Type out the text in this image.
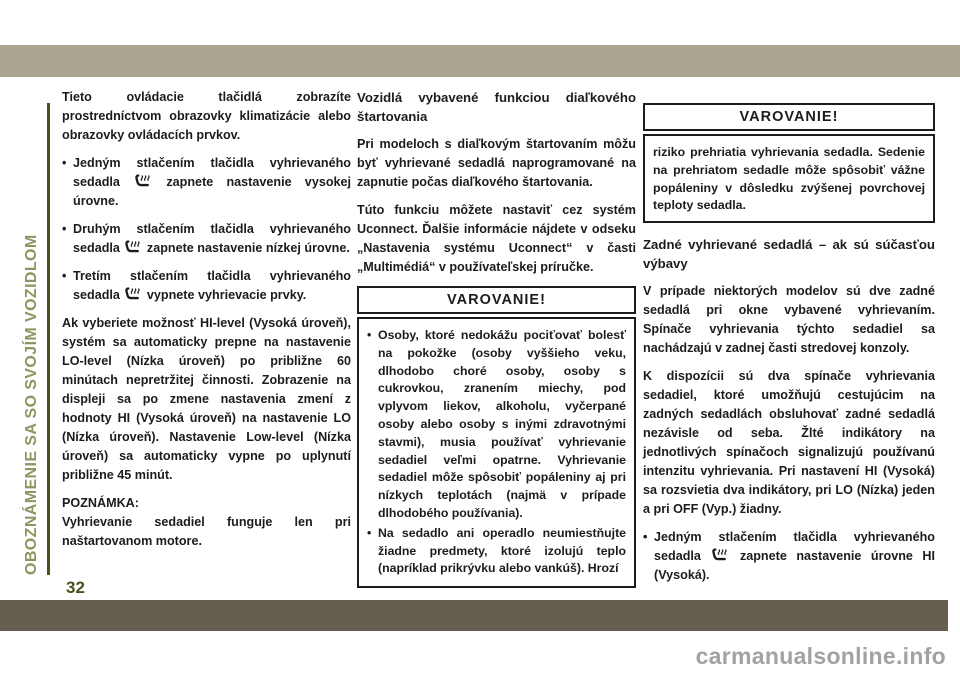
OBOZNÁMENIE SA SO SVOJÍM VOZIDLOM
32

Tieto ovládacie tlačidlá zobrazíte prostredníctvom obrazovky klimatizácie alebo obrazovky ovládacích prvkov.

•
Jedným stlačením tlačidla vyhrievaného sedadla	zapnete nastavenie vysokej úrovne.
•
Druhým stlačením tlačidla vyhrievaného sedadla zapnete nastavenie nízkej úrovne.
•
Tretím stlačením tlačidla vyhrievaného sedadla vypnete vyhrievacie prvky.

Ak vyberiete možnosť HI-level (Vysoká úroveň), systém sa automaticky prepne na nastavenie LO-level (Nízka úroveň) po približne 60 minútach nepretržitej činnosti. Zobrazenie na displeji sa po zmene nastavenia zmení z hodnoty HI (Vysoká úroveň) na nastavenie LO (Nízka úroveň). Nastavenie Low-level (Nízka úroveň) sa automaticky vypne po uplynutí približne 45 minút.

POZNÁMKA:

Vyhrievanie sedadiel funguje len pri naštartovanom motore.

Vozidlá vybavené funkciou diaľkového štartovania

Pri modeloch s diaľkovým štartovaním môžu byť vyhrievané sedadlá naprogramované na zapnutie počas diaľkového štartovania.

Túto funkciu môžete nastaviť cez systém Uconnect. Ďalšie informácie nájdete v odseku „Nastavenia systému Uconnect“ v časti „Multimédiá“ v používateľskej príručke.

VAROVANIE!
•
Osoby, ktoré nedokážu pociťovať bolesť na pokožke (osoby vyššieho veku, dlhodobo choré osoby, osoby s cukrovkou, zranením miechy, pod vplyvom liekov, alkoholu, vyčerpané osoby alebo osoby s inými zdravotnými stavmi), musia používať vyhrievanie sedadiel veľmi opatrne. Vyhrievanie sedadiel môže spôsobiť popáleniny aj pri nízkych teplotách (najmä v prípade dlhodobého používania).
•
Na sedadlo ani operadlo neumiestňujte žiadne predmety, ktoré izolujú teplo (napríklad prikrývku alebo vankúš). Hrozí
VAROVANIE!

riziko prehriatia vyhrievania sedadla. Sedenie na prehriatom sedadle môže spôsobiť vážne popáleniny v dôsledku zvýšenej povrchovej teploty sedadla.

Zadné vyhrievané sedadlá – ak sú súčasťou výbavy

V prípade niektorých modelov sú dve zadné sedadlá pri okne vybavené vyhrievaním. Spínače vyhrievania týchto sedadiel sa nachádzajú v zadnej časti stredovej konzoly.

K dispozícii sú dva spínače vyhrievania sedadiel, ktoré umožňujú cestujúcim na zadných sedadlách obsluhovať zadné sedadlá nezávisle od seba. Žlté indikátory na jednotlivých spínačoch signalizujú používanú intenzitu vyhrievania. Pri nastavení HI (Vysoká) sa rozsvietia dva indikátory, pri LO (Nízka) jeden a pri OFF (Vyp.) žiadny.

•
Jedným stlačením tlačidla vyhrievaného sedadla	zapnete nastavenie úrovne HI (Vysoká).
carmanualsonline.info
